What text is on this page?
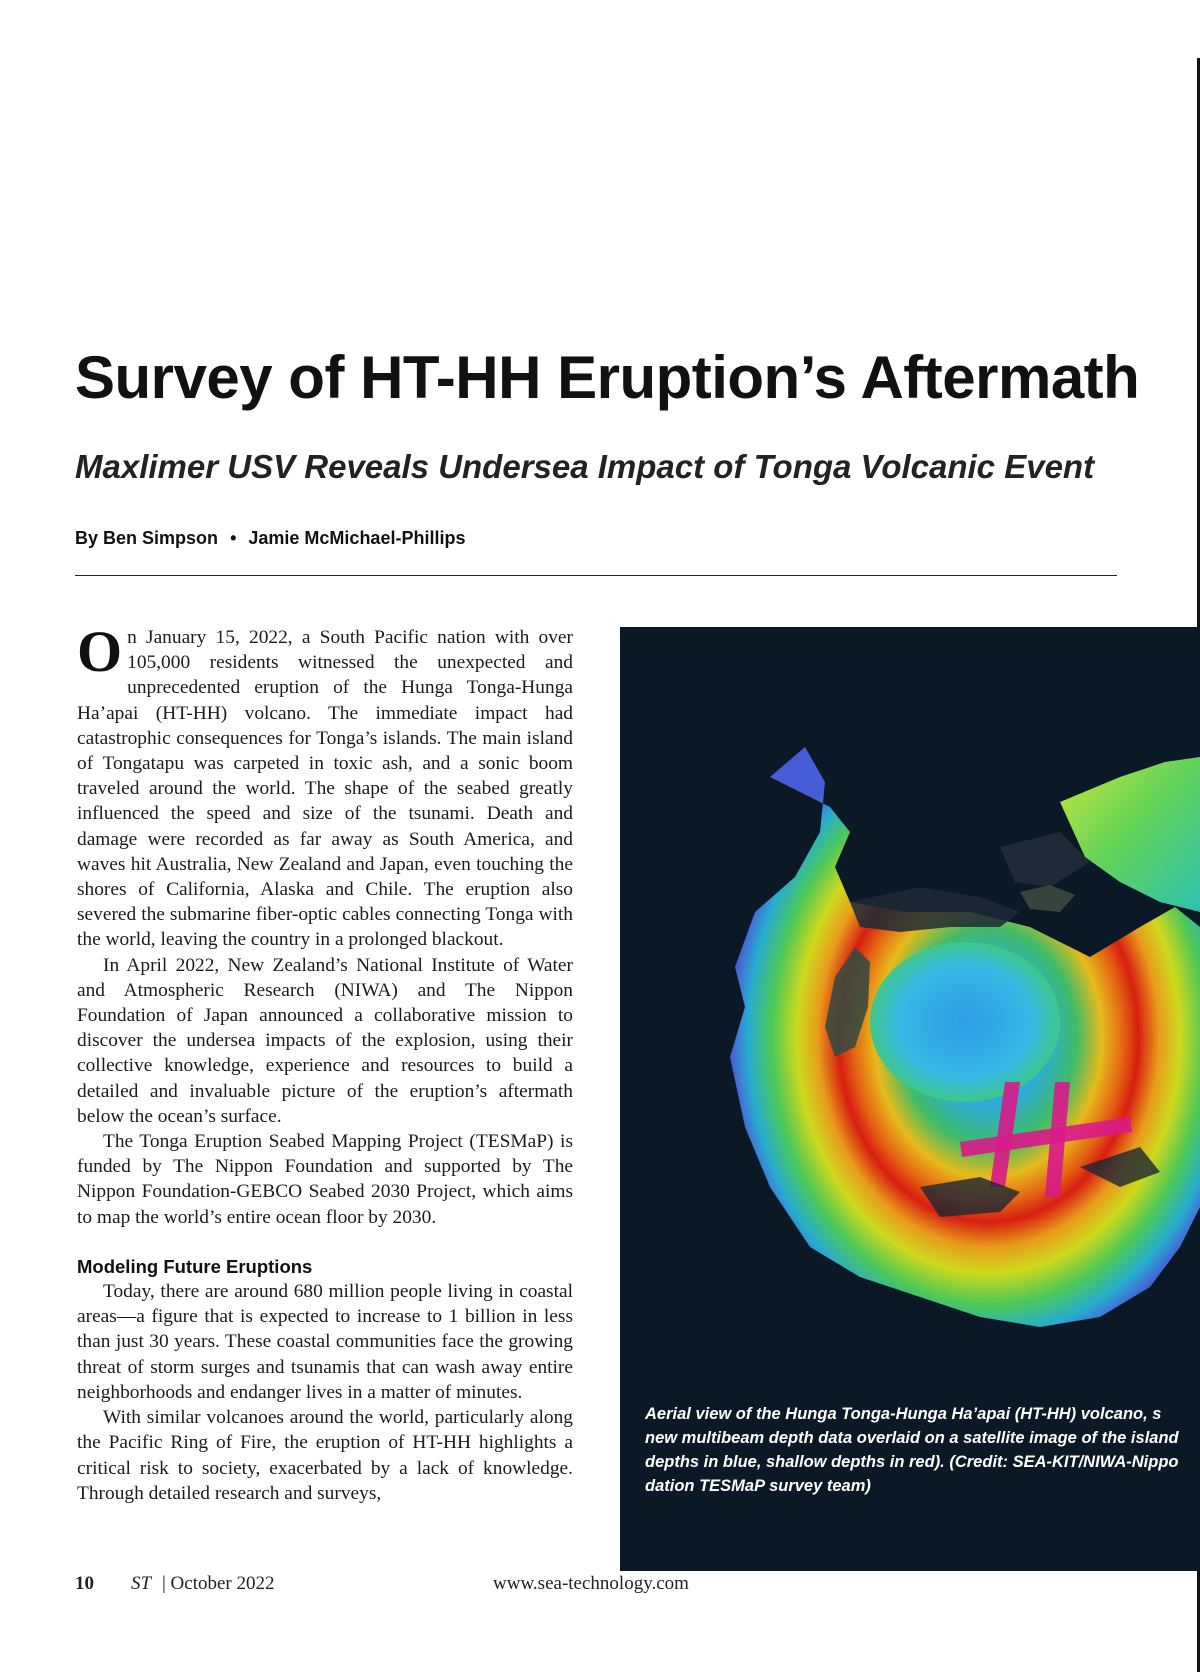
Survey of HT-HH Eruption’s Aftermath
Maxlimer USV Reveals Undersea Impact of Tonga Volcanic Event
By Ben Simpson • Jamie McMichael-Phillips

On January 15, 2022, a South Pacific nation with over 105,000 residents witnessed the unexpected and unprecedented eruption of the Hunga Tonga-Hunga Ha’apai (HT-HH) volcano. The immediate impact had catastrophic consequences for Tonga’s islands. The main island of Tongatapu was carpeted in toxic ash, and a sonic boom traveled around the world. The shape of the seabed greatly influenced the speed and size of the tsunami. Death and damage were recorded as far away as South America, and waves hit Australia, New Zealand and Japan, even touching the shores of California, Alaska and Chile. The eruption also severed the submarine fiber-optic cables connecting Tonga with the world, leaving the country in a prolonged blackout.

In April 2022, New Zealand’s National Institute of Water and Atmospheric Research (NIWA) and The Nippon Foundation of Japan announced a collaborative mission to discover the undersea impacts of the explosion, using their collective knowledge, experience and resources to build a detailed and invaluable picture of the eruption’s aftermath below the ocean’s surface.

The Tonga Eruption Seabed Mapping Project (TESMaP) is funded by The Nippon Foundation and supported by The Nippon Foundation-GEBCO Seabed 2030 Project, which aims to map the world’s entire ocean floor by 2030.

Modeling Future Eruptions

Today, there are around 680 million people living in coastal areas—a figure that is expected to increase to 1 billion in less than just 30 years. These coastal communities face the growing threat of storm surges and tsunamis that can wash away entire neighborhoods and endanger lives in a matter of minutes.

With similar volcanoes around the world, particularly along the Pacific Ring of Fire, the eruption of HT-HH highlights a critical risk to society, exacerbated by a lack of knowledge. Through detailed research and surveys,

Aerial view of the Hunga Tonga-Hunga Ha’apai (HT-HH) volcano, s
new multibeam depth data overlaid on a satellite image of the island
depths in blue, shallow depths in red). (Credit: SEA-KIT/NIWA-Nippo
dation TESMaP survey team)
10 ST | October 2022	www.sea-technology.com
